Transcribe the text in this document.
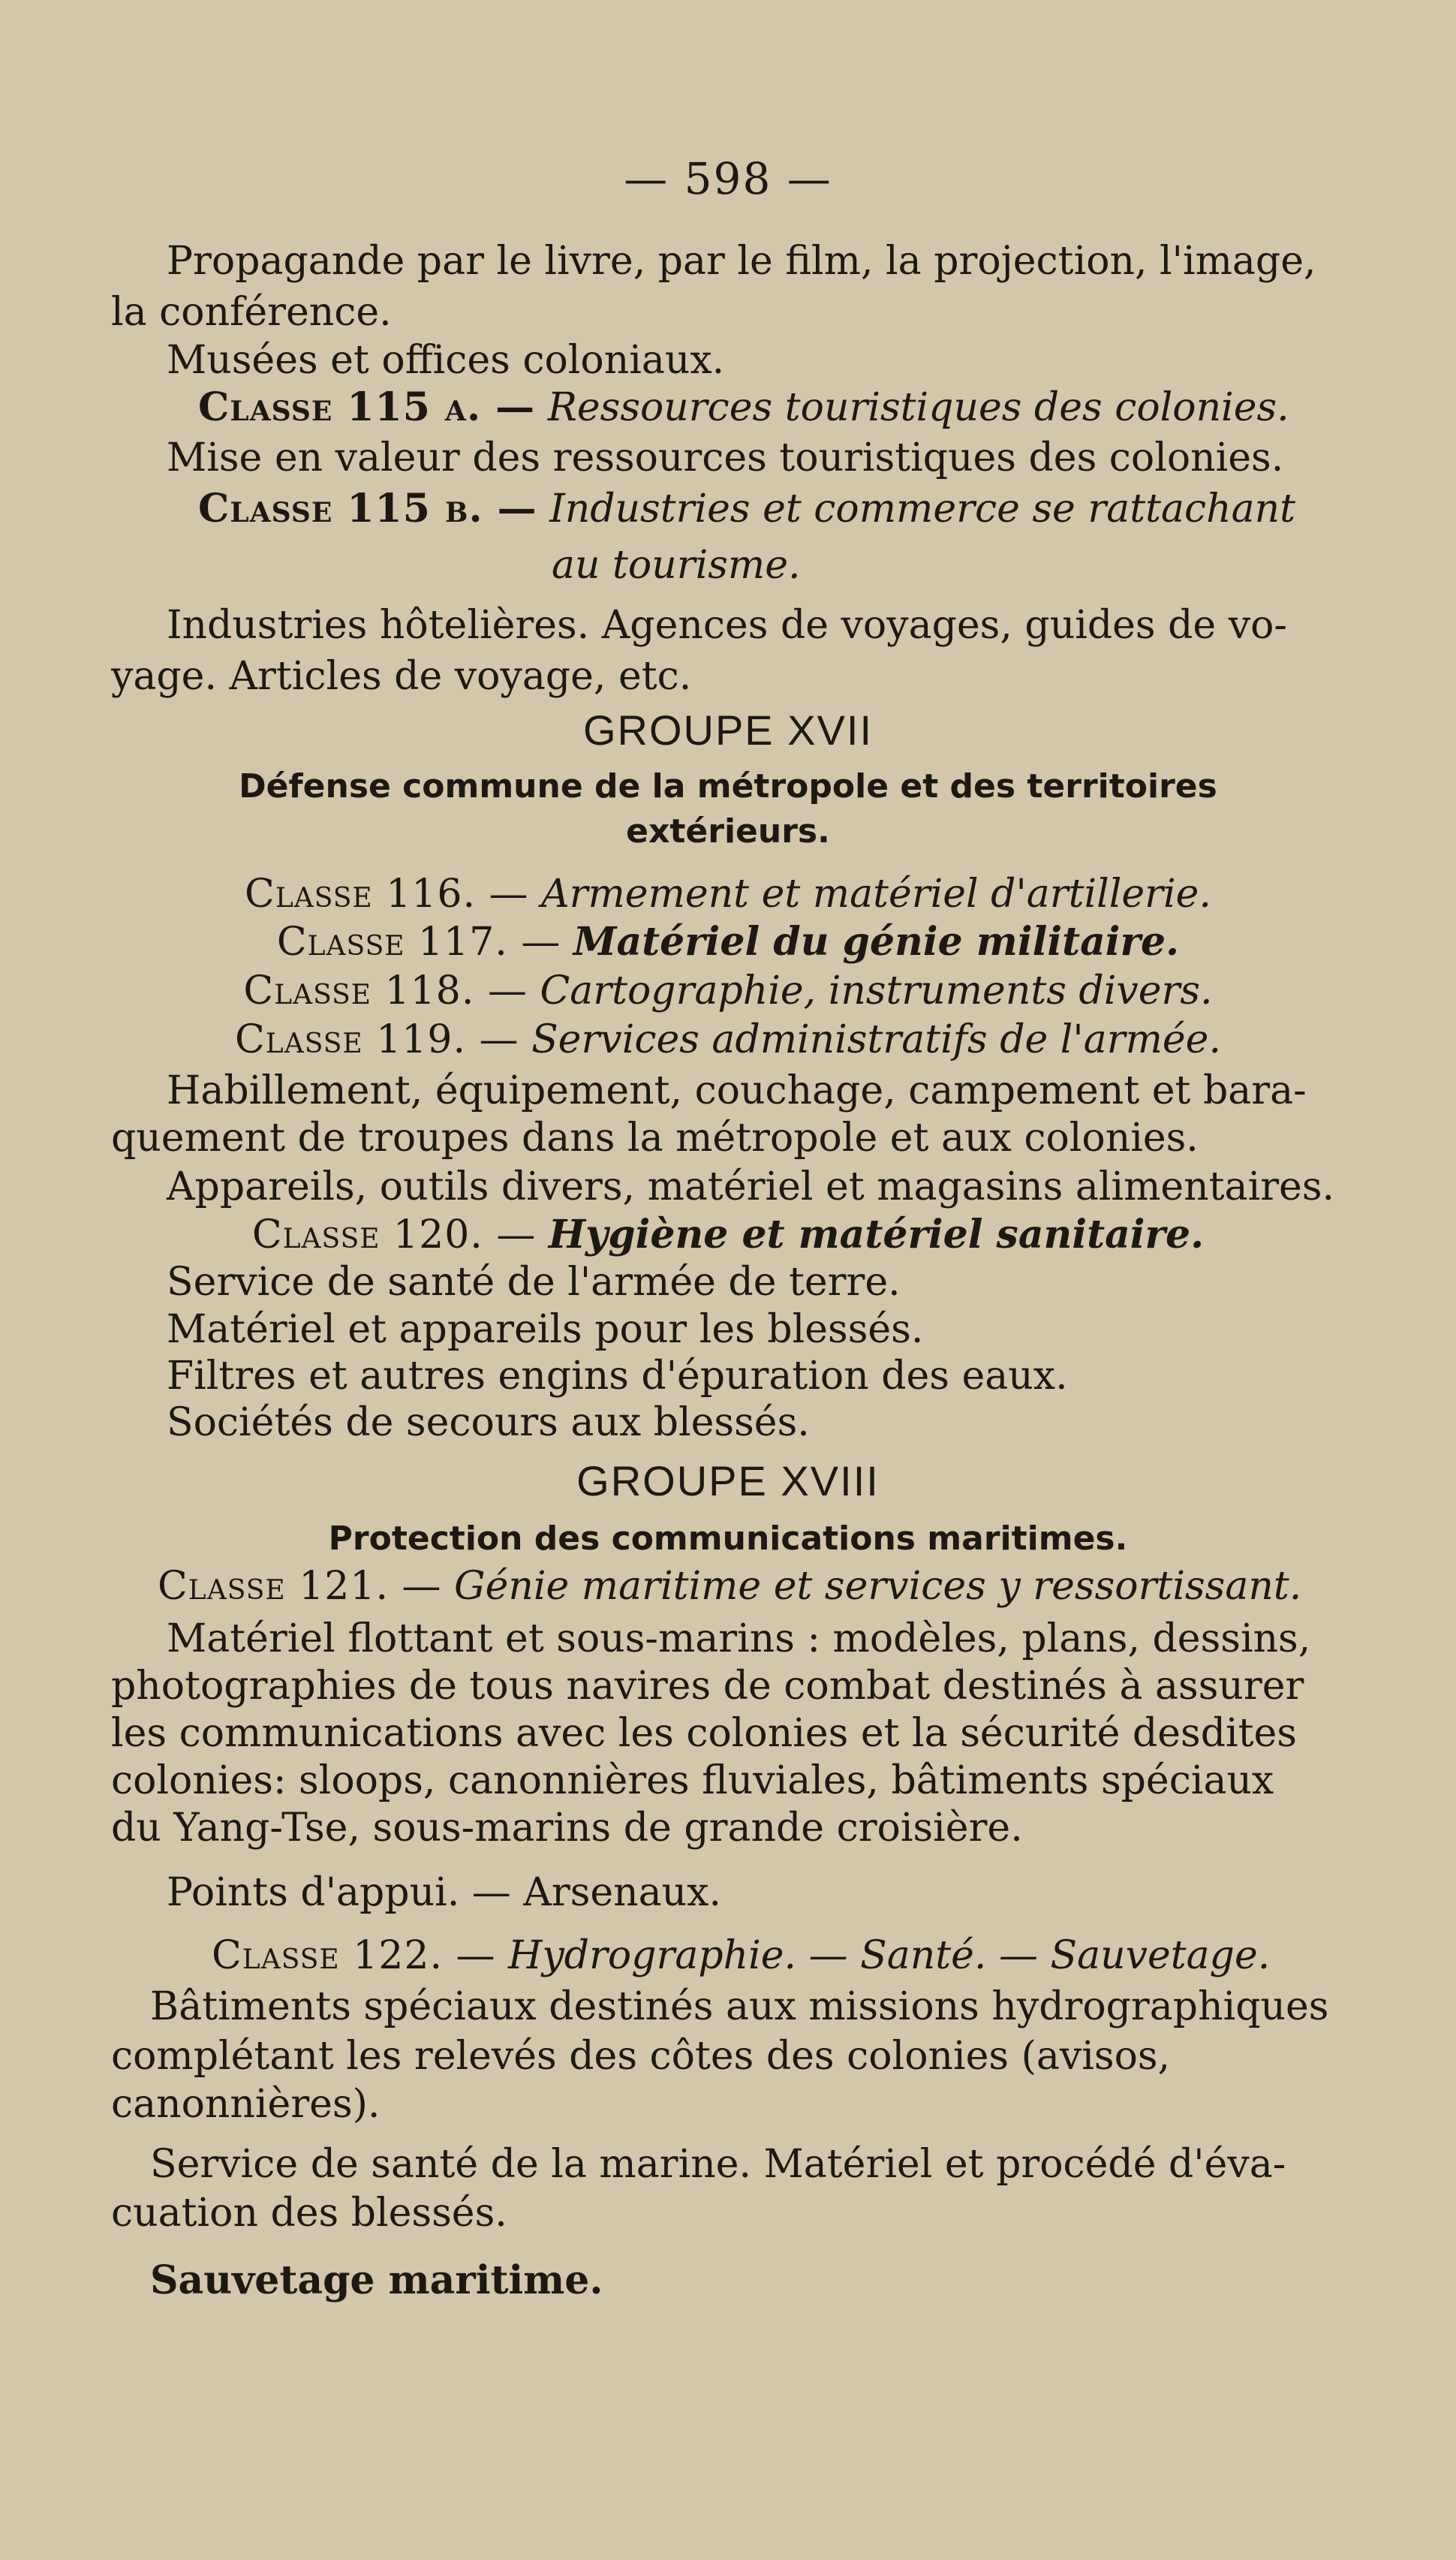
— 598 —
Propagande par le livre, par le film, la projection, l'image,
la conférence.
Musées et offices coloniaux.
Classe 115 a. — Ressources touristiques des colonies.
Mise en valeur des ressources touristiques des colonies.
Classe 115 b. — Industries et commerce se rattachant
au tourisme.
Industries hôtelières. Agences de voyages, guides de vo-
yage. Articles de voyage, etc.
GROUPE XVII
Défense commune de la métropole et des territoires
extérieurs.
Classe 116. — Armement et matériel d'artillerie.
Classe 117. — Matériel du génie militaire.
Classe 118. — Cartographie, instruments divers.
Classe 119. — Services administratifs de l'armée.
Habillement, équipement, couchage, campement et bara-
quement de troupes dans la métropole et aux colonies.
Appareils, outils divers, matériel et magasins alimentaires.
Classe 120. — Hygiène et matériel sanitaire.
Service de santé de l'armée de terre.
Matériel et appareils pour les blessés.
Filtres et autres engins d'épuration des eaux.
Sociétés de secours aux blessés.
GROUPE XVIII
Protection des communications maritimes.
Classe 121. — Génie maritime et services y ressortissant.
Matériel flottant et sous-marins : modèles, plans, dessins,
photographies de tous navires de combat destinés à assurer
les communications avec les colonies et la sécurité desdites
colonies: sloops, canonnières fluviales, bâtiments spéciaux
du Yang-Tse, sous-marins de grande croisière.
Points d'appui. — Arsenaux.
Classe 122. — Hydrographie. — Santé. — Sauvetage.
Bâtiments spéciaux destinés aux missions hydrographiques
complétant les relevés des côtes des colonies (avisos,
canonnières).
Service de santé de la marine. Matériel et procédé d'éva-
cuation des blessés.
Sauvetage maritime.
